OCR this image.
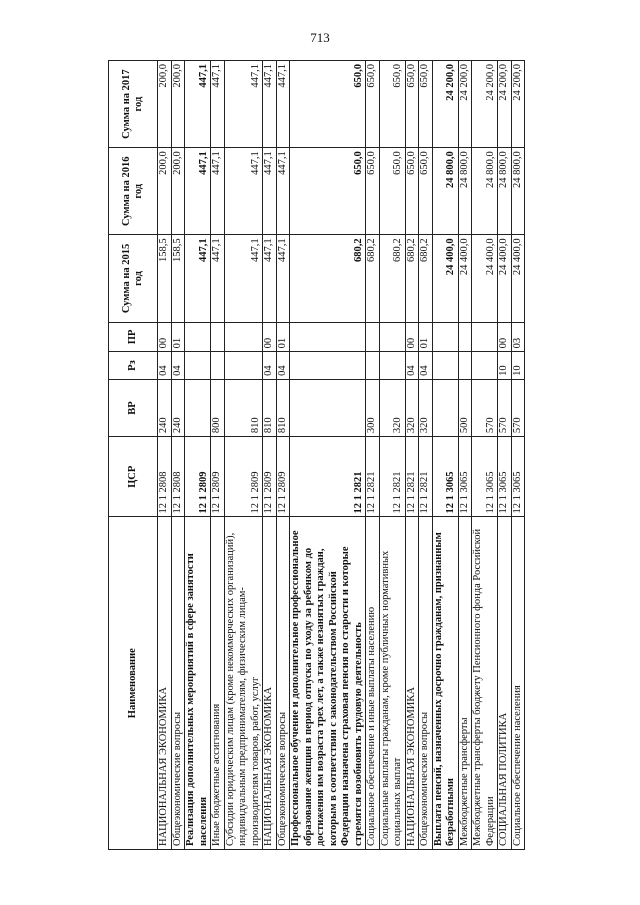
713
Наименование	ЦСР	ВР	Рз	ПР	Сумма на 2015 год	Сумма на 2016 год	Сумма на 2017 год
НАЦИОНАЛЬНАЯ ЭКОНОМИКА	12 1 2808	240	04	00	158,5	200,0	200,0
Общеэкономические вопросы	12 1 2808	240	04	01	158,5	200,0	200,0
Реализация дополнительных мероприятий в сфере занятости населения	12 1 2809				447,1	447,1	447,1
Иные бюджетные ассигнования	12 1 2809	800			447,1	447,1	447,1
Субсидии юридическим лицам (кроме некоммерческих организаций), индивидуальным предпринимателям, физическим лицам-производителям товаров, работ, услуг	12 1 2809	810			447,1	447,1	447,1
НАЦИОНАЛЬНАЯ ЭКОНОМИКА	12 1 2809	810	04	00	447,1	447,1	447,1
Общеэкономические вопросы	12 1 2809	810	04	01	447,1	447,1	447,1
Профессиональное обучение и дополнительное профессиональное образование женщин в период отпуска по уходу за ребенком до достижения им возраста трех лет, а также незанятых граждан, которым в соответствии с законодательством Российской Федерации назначена страховая пенсия по старости и которые стремятся возобновить трудовую деятельность	12 1 2821				680,2	650,0	650,0
Социальное обеспечение и иные выплаты населению	12 1 2821	300			680,2	650,0	650,0
Социальные выплаты гражданам, кроме публичных нормативных социальных выплат	12 1 2821	320			680,2	650,0	650,0
НАЦИОНАЛЬНАЯ ЭКОНОМИКА	12 1 2821	320	04	00	680,2	650,0	650,0
Общеэкономические вопросы	12 1 2821	320	04	01	680,2	650,0	650,0
Выплата пенсий, назначенных досрочно гражданам, признанным безработными	12 1 3065				24 400,0	24 800,0	24 200,0
Межбюджетные трансферты	12 1 3065	500			24 400,0	24 800,0	24 200,0
Межбюджетные трансферты бюджету Пенсионного фонда Российской Федерации	12 1 3065	570			24 400,0	24 800,0	24 200,0
СОЦИАЛЬНАЯ ПОЛИТИКА	12 1 3065	570	10	00	24 400,0	24 800,0	24 200,0
Социальное обеспечение населения	12 1 3065	570	10	03	24 400,0	24 800,0	24 200,0
